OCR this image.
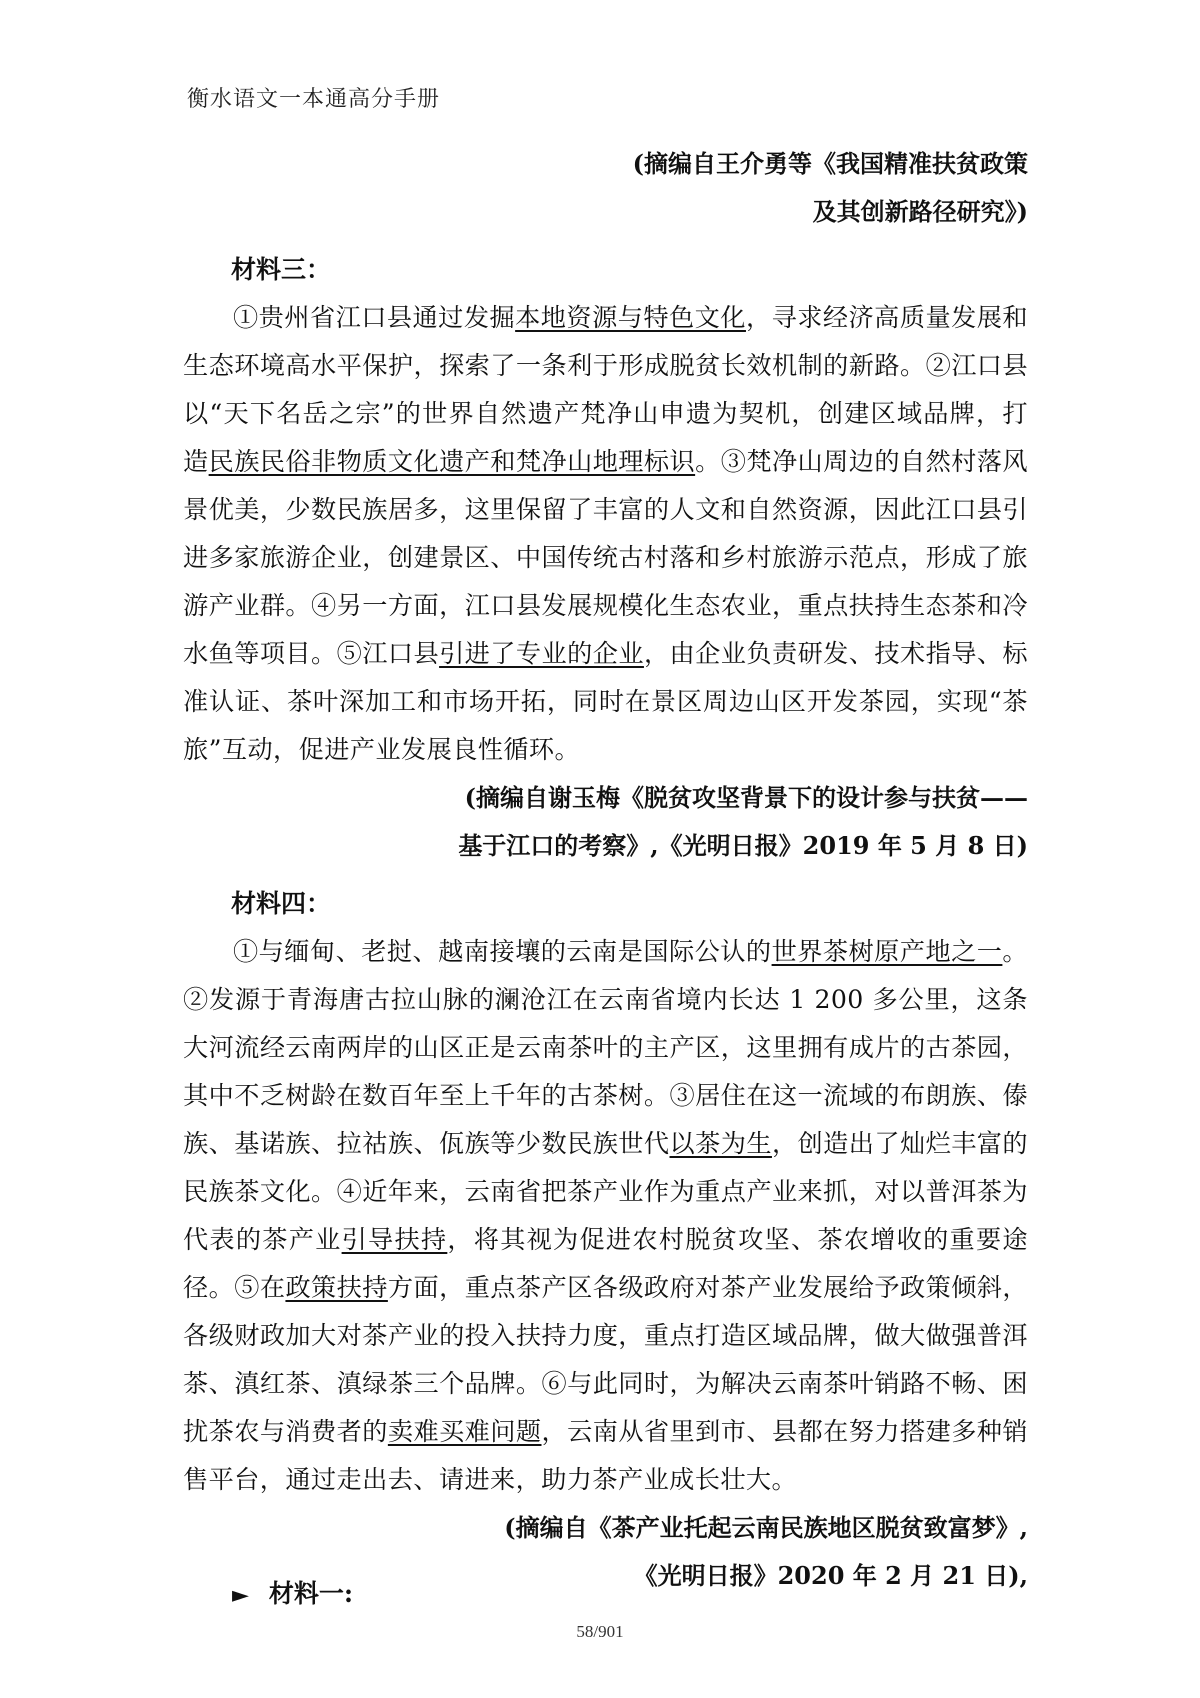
衡水语文一本通高分手册
(摘编自王介勇等《我国精准扶贫政策
及其创新路径研究》)
材料三：
①贵州省江口县通过发掘本地资源与特色文化，寻求经济高质量发展和生态环境高水平保护，探索了一条利于形成脱贫长效机制的新路。②江口县以“天下名岳之宗”的世界自然遗产梵净山申遗为契机，创建区域品牌，打造民族民俗非物质文化遗产和梵净山地理标识。③梵净山周边的自然村落风景优美，少数民族居多，这里保留了丰富的人文和自然资源，因此江口县引进多家旅游企业，创建景区、中国传统古村落和乡村旅游示范点，形成了旅游产业群。④另一方面，江口县发展规模化生态农业，重点扶持生态茶和冷水鱼等项目。⑤江口县引进了专业的企业，由企业负责研发、技术指导、标准认证、茶叶深加工和市场开拓，同时在景区周边山区开发茶园，实现“茶旅”互动，促进产业发展良性循环。
(摘编自谢玉梅《脱贫攻坚背景下的设计参与扶贫——
基于江口的考察》,《光明日报》2019 年 5 月 8 日)
材料四：
①与缅甸、老挝、越南接壤的云南是国际公认的世界茶树原产地之一。②发源于青海唐古拉山脉的澜沧江在云南省境内长达 1 200 多公里，这条大河流经云南两岸的山区正是云南茶叶的主产区，这里拥有成片的古茶园，其中不乏树龄在数百年至上千年的古茶树。③居住在这一流域的布朗族、傣族、基诺族、拉祜族、佤族等少数民族世代以茶为生，创造出了灿烂丰富的民族茶文化。④近年来，云南省把茶产业作为重点产业来抓，对以普洱茶为代表的茶产业引导扶持，将其视为促进农村脱贫攻坚、茶农增收的重要途径。⑤在政策扶持方面，重点茶产区各级政府对茶产业发展给予政策倾斜，各级财政加大对茶产业的投入扶持力度，重点打造区域品牌，做大做强普洱茶、滇红茶、滇绿茶三个品牌。⑥与此同时，为解决云南茶叶销路不畅、困扰茶农与消费者的卖难买难问题，云南从省里到市、县都在努力搭建多种销售平台，通过走出去、请进来，助力茶产业成长壮大。
(摘编自《茶产业托起云南民族地区脱贫致富梦》,
《光明日报》2020 年 2 月 21 日),
► 材料一:
58/901
